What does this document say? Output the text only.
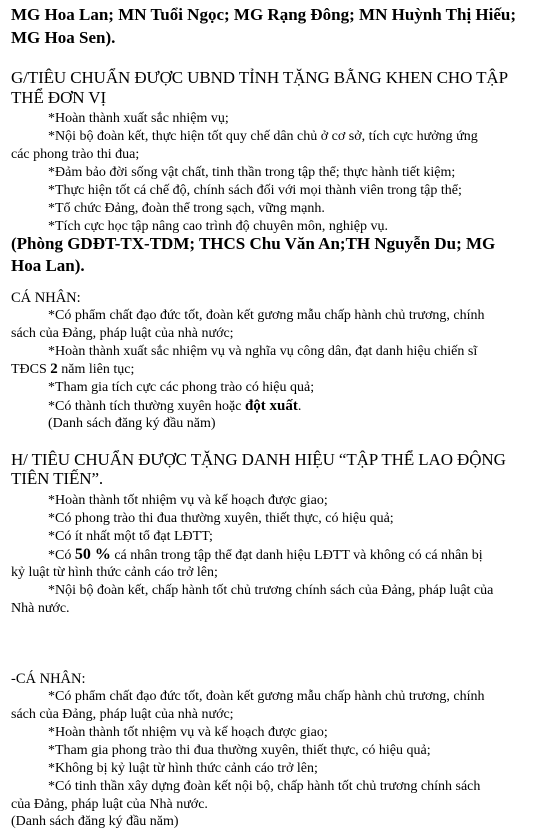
MG Hoa Lan; MN Tuổi Ngọc; MG Rạng Đông; MN Huỳnh Thị Hiếu;
MG Hoa Sen).
G/TIÊU CHUẨN ĐƯỢC UBND TỈNH TẶNG BẰNG KHEN CHO TẬP
THỂ ĐƠN VỊ
*Hoàn thành xuất sắc nhiệm vụ;
*Nội bộ đoàn kết, thực hiện tốt quy chế dân chủ ở cơ sở, tích cực hưởng ứng
các phong trào thi đua;
*Đảm bảo đời sống vật chất, tinh thần trong tập thể; thực hành tiết kiệm;
*Thực hiện tốt cá chế độ, chính sách đối với mọi thành viên trong tập thể;
*Tổ chức Đảng, đoàn thể trong sạch, vững mạnh.
*Tích cực học tập nâng cao trình độ chuyên môn, nghiệp vụ.
(Phòng GDĐT-TX-TDM; THCS Chu Văn An;TH Nguyễn Du; MG
Hoa Lan).
CÁ NHÂN:
*Có phẩm chất đạo đức tốt, đoàn kết gương mẫu chấp hành chủ trương, chính
sách của Đảng, pháp luật của nhà nước;
*Hoàn thành xuất sắc nhiệm vụ và nghĩa vụ công dân, đạt danh hiệu chiến sĩ
TĐCS 2 năm liên tục;
*Tham gia tích cực các phong trào có hiệu quả;
*Có thành tích thường xuyên hoặc đột xuất.
(Danh sách đăng ký đầu năm)
H/ TIÊU CHUẨN ĐƯỢC TẶNG DANH HIỆU “TẬP THỂ LAO ĐỘNG
TIÊN TIẾN”.
*Hoàn thành tốt nhiệm vụ và kế hoạch được giao;
*Có phong trào thi đua thường xuyên, thiết thực, có hiệu quả;
*Có ít nhất một tổ đạt LĐTT;
*Có 50 % cá nhân trong tập thể đạt danh hiệu LĐTT và không có cá nhân bị
kỷ luật từ hình thức cảnh cáo trở lên;
*Nội bộ đoàn kết, chấp hành tốt chủ trương chính sách của Đảng, pháp luật của
Nhà nước.
-CÁ NHÂN:
*Có phẩm chất đạo đức tốt, đoàn kết gương mẫu chấp hành chủ trương, chính
sách của Đảng, pháp luật của nhà nước;
*Hoàn thành tốt nhiệm vụ và kế hoạch được giao;
*Tham gia phong trào thi đua thường xuyên, thiết thực, có hiệu quả;
*Không bị kỷ luật từ hình thức cảnh cáo trở lên;
*Có tinh thần xây dựng đoàn kết nội bộ, chấp hành tốt chủ trương chính sách
của Đảng, pháp luật của Nhà nước.
(Danh sách đăng ký đầu năm)
